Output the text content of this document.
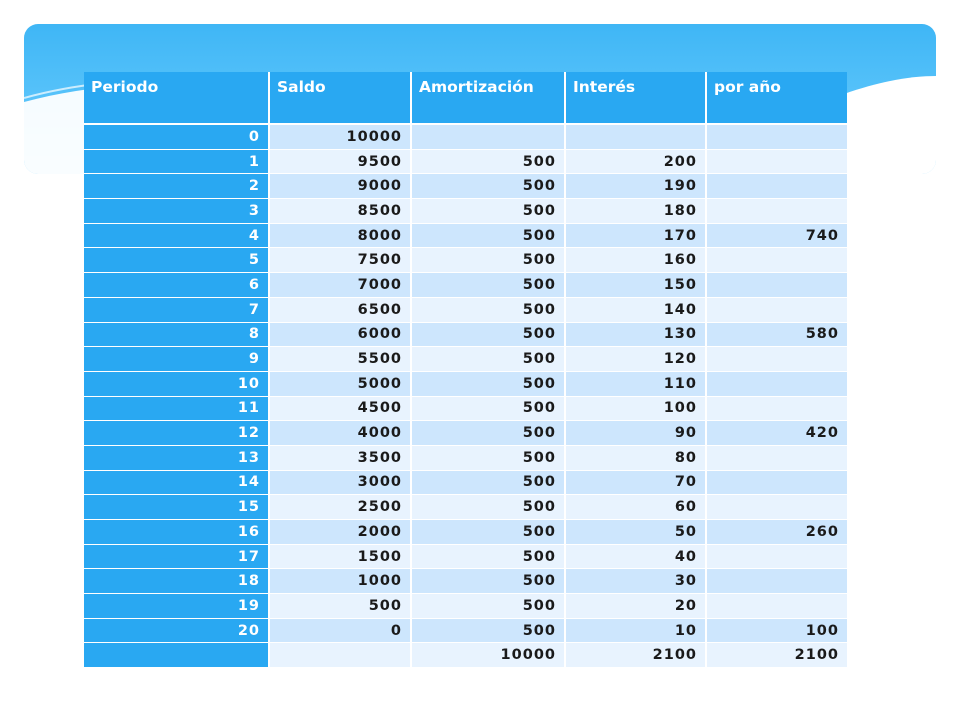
Periodo	Saldo	Amortización	Interés	por año
0	10000			
1	9500	500	200	
2	9000	500	190	
3	8500	500	180	
4	8000	500	170	740
5	7500	500	160	
6	7000	500	150	
7	6500	500	140	
8	6000	500	130	580
9	5500	500	120	
10	5000	500	110	
11	4500	500	100	
12	4000	500	90	420
13	3500	500	80	
14	3000	500	70	
15	2500	500	60	
16	2000	500	50	260
17	1500	500	40	
18	1000	500	30	
19	500	500	20	
20	0	500	10	100
		10000	2100	2100
